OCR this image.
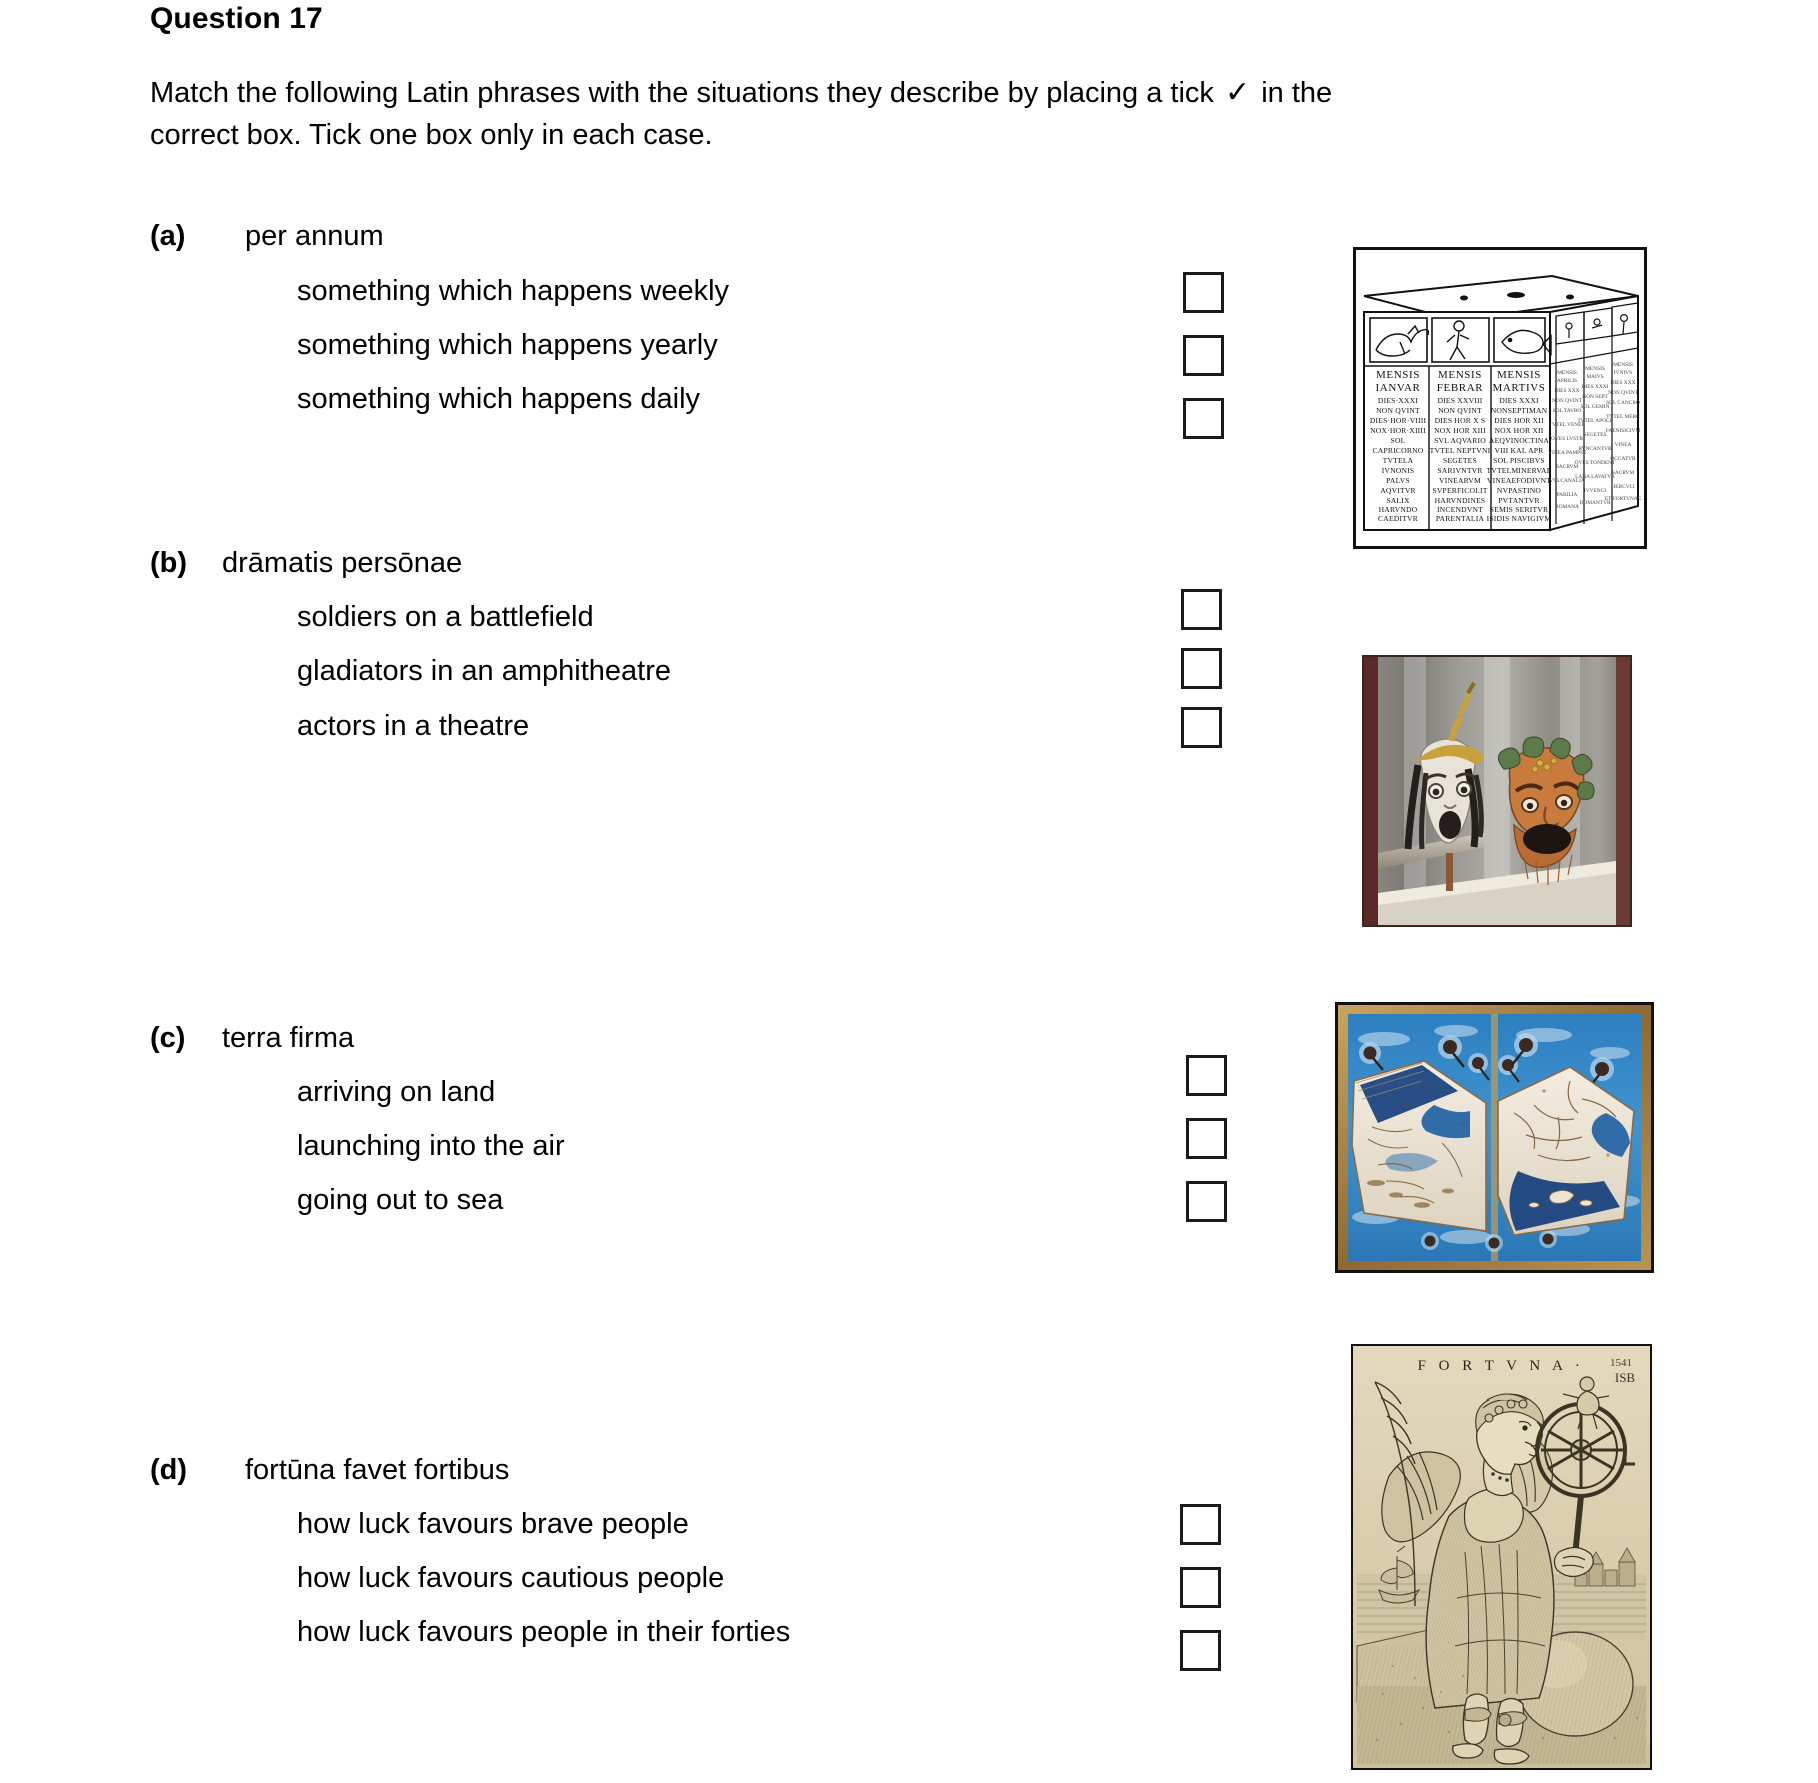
Question 17
Match the following Latin phrases with the situations they describe by placing a tick ✓ in the correct box. Tick one box only in each case.
(a) per annum
something which happens weekly
something which happens yearly
something which happens daily
MENSIS
IANVAR
MENSIS
FEBRAR
MENSIS
MARTIVS
DIES·XXXI
NON QVINT
DIES·HOR·VIIII
NOX·HOR·XIIII
SOL
CAPRICORNO
TVTELA
IVNONIS
PALVS
AQVITVR
SALIX
HARVNDO
CAEDITVR
DIES XXVIII
NON QVINT
DIES HOR X S
NOX HOR XIII
SVL AQVARIO
TVTEL NEPTVNI
SEGETES
SARIVNTVR
VINEARVM
SVPERFICOLIT
HARVNDINES
INCENDVNT
PARENTALIA
DIES XXXI
NONSEPTIMAN
DIES HOR XII
NOX HOR XII
AEQVINOCTINA
VIII KAL APR
SOL PISCIBVS
TVTELMINERVAE
VINEAEFODIVNT
NVPASTINO
PVTANTVR
SEMIS SERITVR
ISIDIS NAVIGIVM
MENSIS
APRILIS
MENSIS
MAIVS
MENSIS
IVNIVS
DIES XXX
DIES XXXI
DIES XXX
NON QVINT
NON SEPT
NON QVINT
SOL TAVRO
SOL GEMIN
SOL CANCRO
TVTEL VENER
TVTEL APOLL
TVTEL MERC
OVES LVSTR
SEGETES
FAENISICIVM
VINEA PAMPIN
RVNCANTVR
VINEA
SACRVM
OVES TONDENT
OCCATVR
VVLCANALIA
LANA LAVATVR
SACRVM
PARILIA
IVVENCI
HERCVLI
ROMANA
DOMANTVR
ET FORTVNAE
(b) drāmatis persōnae
soldiers on a battlefield
gladiators in an amphitheatre
actors in a theatre
(c) terra firma
arriving on land
launching into the air
going out to sea
(d) fortūna favet fortibus
how luck favours brave people
how luck favours cautious people
how luck favours people in their forties
F O R T V N A · 1541
ISB
